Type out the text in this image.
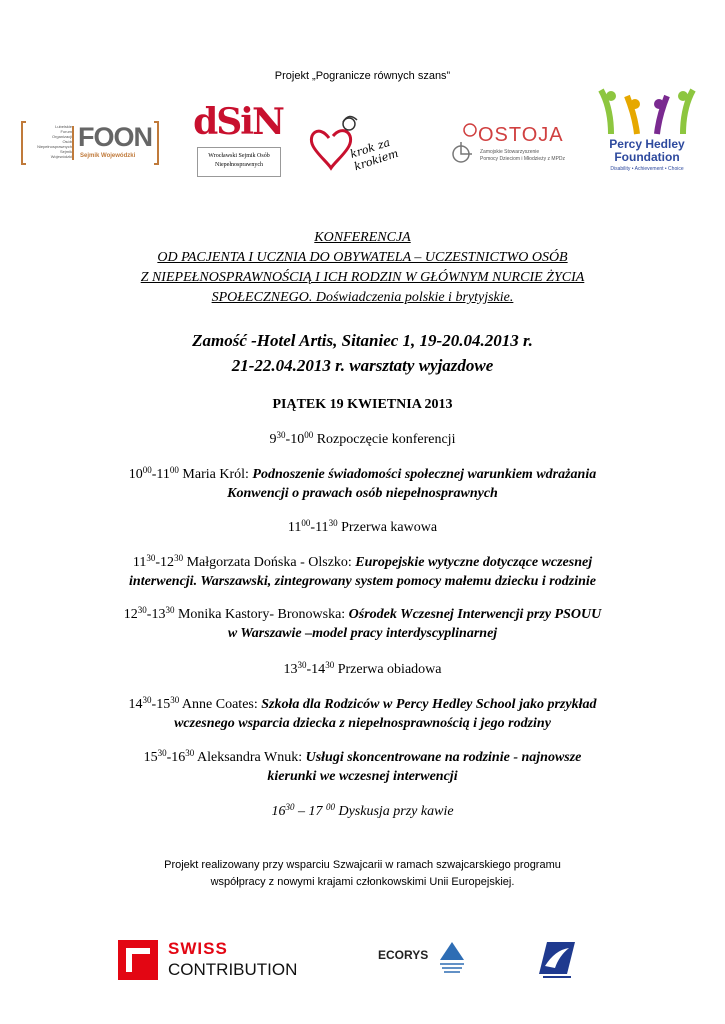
Projekt „Pogranicze równych szans”
Lubelskie
Forum
Organizacji
Osób
Niepełnosprawnych
Sejmik
Wojewódzki
FOON
Sejmik Wojewódzki
dSiN
Wrocławski Sejmik Osób
Niepełnosprawnych
krok za krokiem
OSTOJA
Zamojskie Stowarzyszenie
Pomocy Dzieciom i Młodzieży z MPDz
Percy Hedley
Foundation
Disability • Achievement • Choice
KONFERENCJA
OD PACJENTA I UCZNIA DO OBYWATELA – UCZESTNICTWO OSÓB
Z NIEPEŁNOSPRAWNOŚCIĄ I ICH RODZIN W GŁÓWNYM NURCIE ŻYCIA
SPOŁECZNEGO. Doświadczenia polskie i brytyjskie.
Zamość -Hotel Artis, Sitaniec 1, 19-20.04.2013 r.
21-22.04.2013 r. warsztaty wyjazdowe
PIĄTEK 19 KWIETNIA 2013
$9^{30}-10^{00}$ Rozpoczęcie konferencji
$10^{00}-11^{00}$ Maria Król: Podnoszenie świadomości społecznej warunkiem wdrażania
Konwencji o prawach osób niepełnosprawnych
$11^{00}-11^{30}$ Przerwa kawowa
$11^{30}-12^{30}$ Małgorzata Dońska - Olszko: Europejskie wytyczne dotyczące wczesnej
interwencji. Warszawski, zintegrowany system pomocy małemu dziecku i rodzinie
$12^{30}-13^{30}$ Monika Kastory- Bronowska: Ośrodek Wczesnej Interwencji przy PSOUU
w Warszawie –model pracy interdyscyplinarnej
$13^{30}-14^{30}$ Przerwa obiadowa
$14^{30}-15^{30}$ Anne Coates: Szkoła dla Rodziców w Percy Hedley School jako przykład
wczesnego wsparcia dziecka z niepełnosprawnością i jego rodziny
$15^{30}-16^{30}$ Aleksandra Wnuk: Usługi skoncentrowane na rodzinie - najnowsze
kierunki we wczesnej interwencji
$16^{30} - 17$ $^{00}$ Dyskusja przy kawie
Projekt realizowany przy wsparciu Szwajcarii w ramach szwajcarskiego programu
współpracy z nowymi krajami członkowskimi Unii Europejskiej.
SWISS
CONTRIBUTION
ECORYS
